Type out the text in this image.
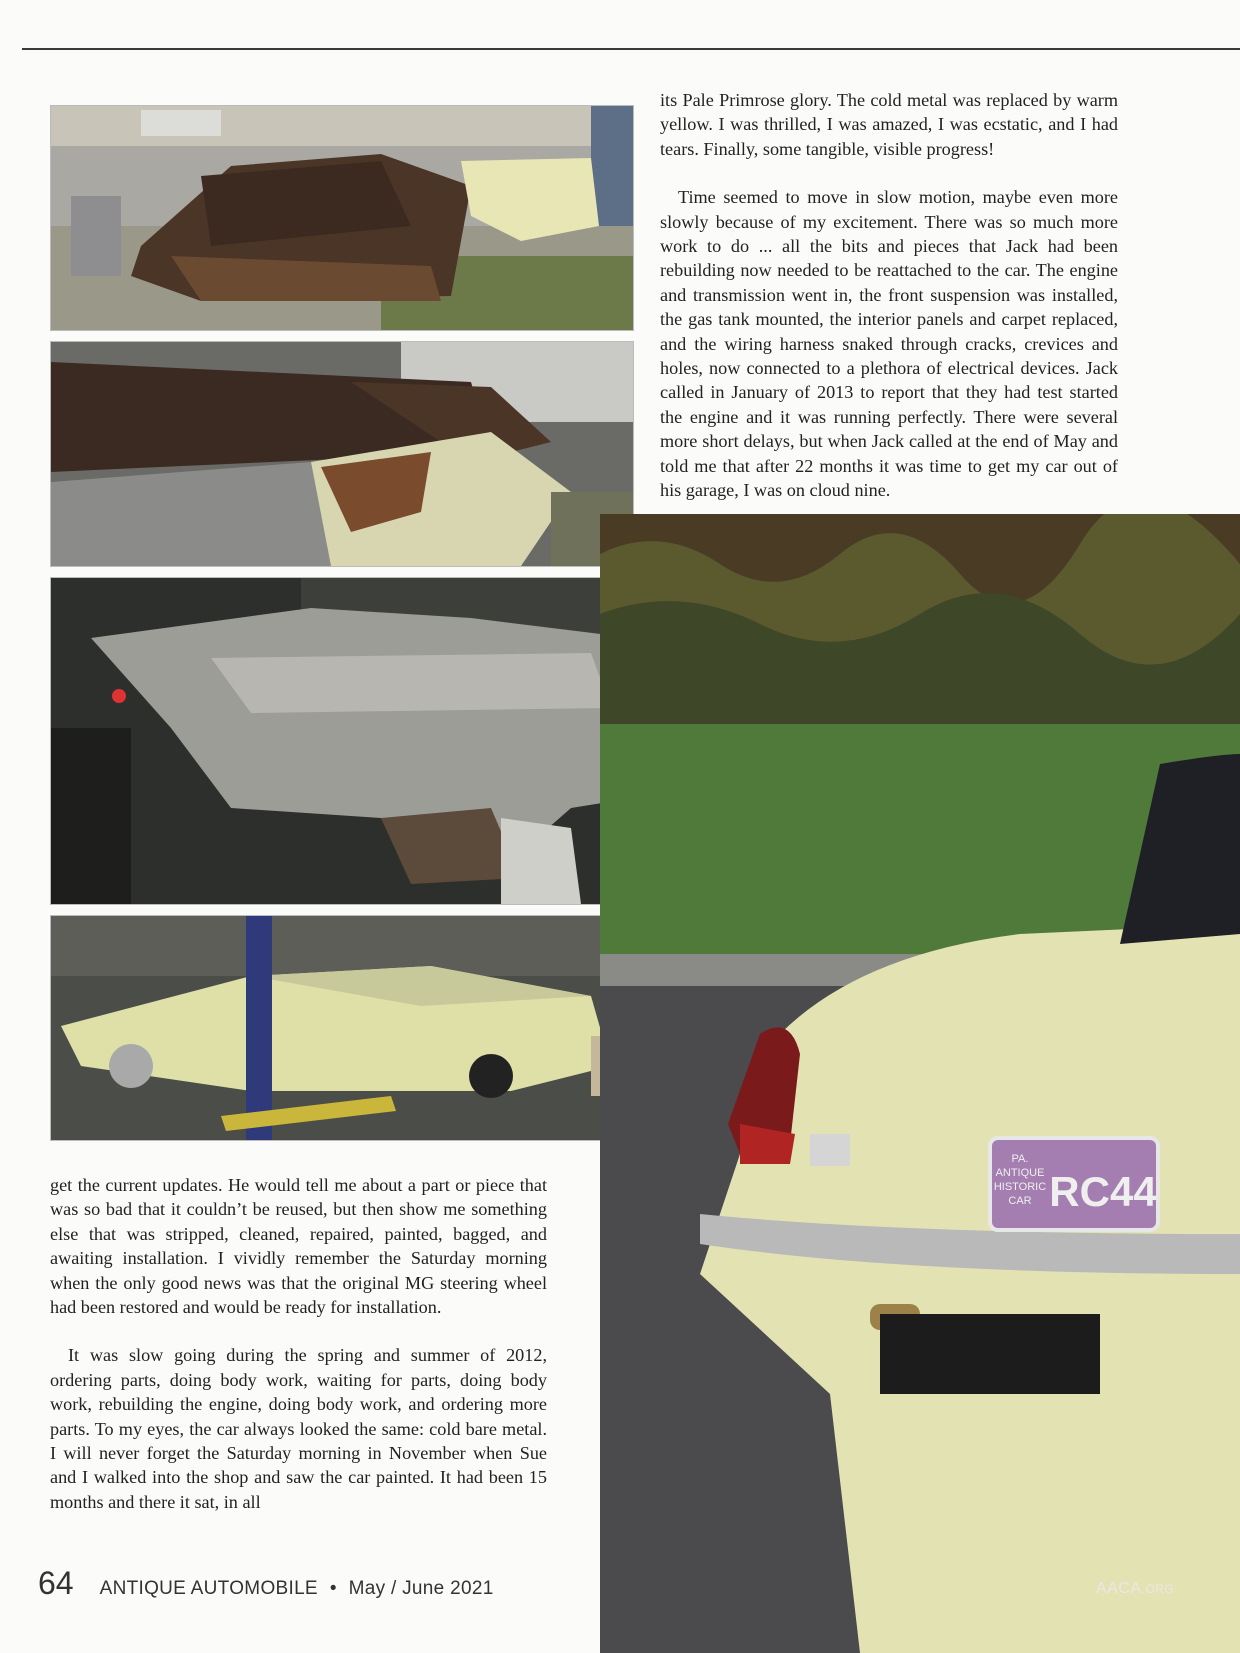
PA.
ANTIQUE
HISTORIC
CAR RC44

its Pale Primrose glory. The cold metal was replaced by warm yellow. I was thrilled, I was amazed, I was ecstatic, and I had tears. Finally, some tangible, visible progress!

Time seemed to move in slow motion, maybe even more slowly because of my excitement. There was so much more work to do ... all the bits and pieces that Jack had been rebuilding now needed to be reattached to the car. The engine and transmission went in, the front suspension was installed, the gas tank mounted, the interior panels and carpet replaced, and the wiring harness snaked through cracks, crevices and holes, now connected to a plethora of electrical devices. Jack called in January of 2013 to report that they had test started the engine and it was running perfectly. There were several more short delays, but when Jack called at the end of May and told me that after 22 months it was time to get my car out of his garage, I was on cloud nine.

get the current updates. He would tell me about a part or piece that was so bad that it couldn’t be reused, but then show me something else that was stripped, cleaned, repaired, painted, bagged, and awaiting installation. I vividly remember the Saturday morning when the only good news was that the original MG steering wheel had been restored and would be ready for installation.

It was slow going during the spring and summer of 2012, ordering parts, doing body work, waiting for parts, doing body work, rebuilding the engine, doing body work, and ordering more parts. To my eyes, the car always looked the same: cold bare metal. I will never forget the Saturday morning in November when Sue and I walked into the shop and saw the car painted. It had been 15 months and there it sat, in all

64 ANTIQUE AUTOMOBILE • May / June 2021	AACA.ORG
